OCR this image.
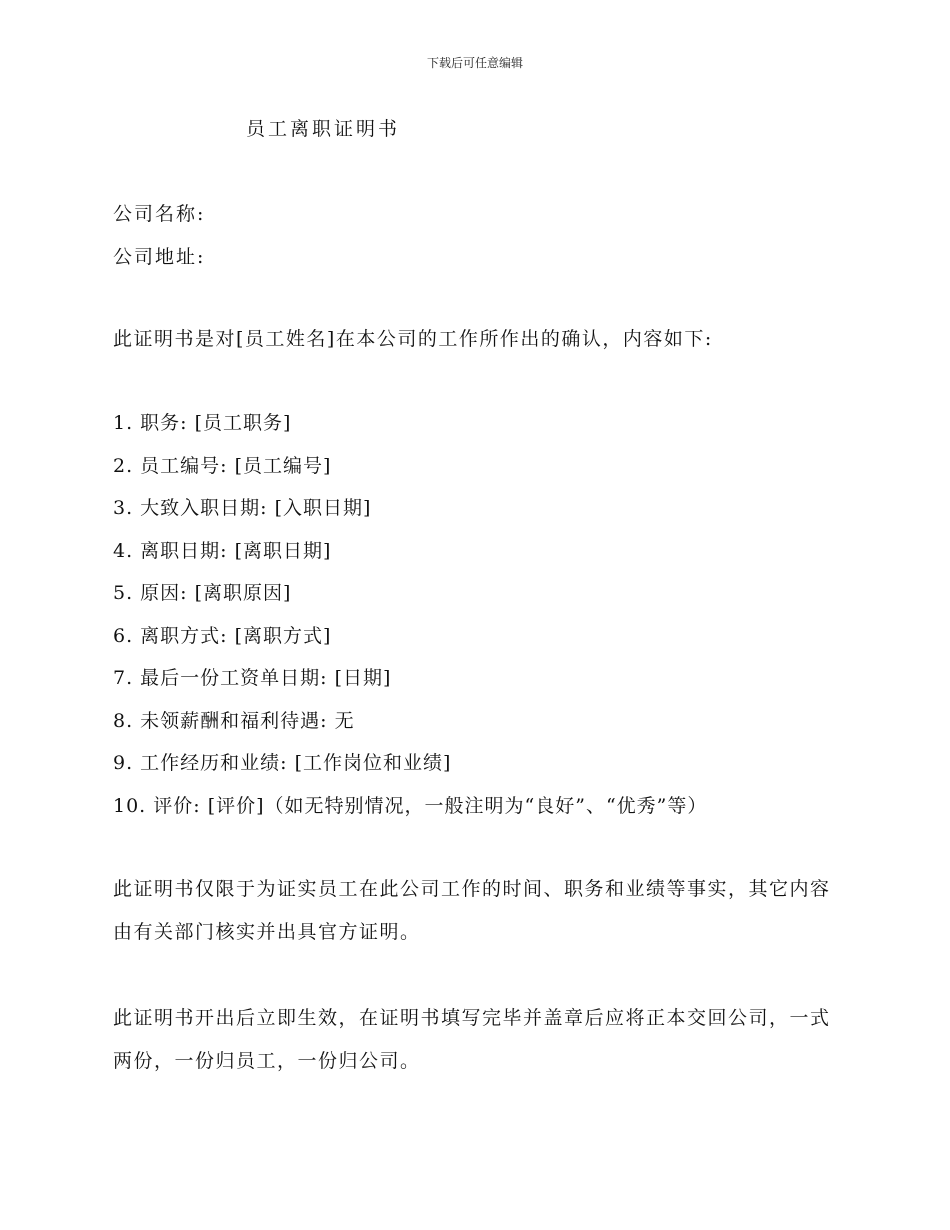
下载后可任意编辑
员工离职证明书
公司名称:
公司地址:
此证明书是对[员工姓名]在本公司的工作所作出的确认，内容如下:
1. 职务: [员工职务]
2. 员工编号: [员工编号]
3. 大致入职日期: [入职日期]
4. 离职日期: [离职日期]
5. 原因: [离职原因]
6. 离职方式: [离职方式]
7. 最后一份工资单日期: [日期]
8. 未领薪酬和福利待遇: 无
9. 工作经历和业绩: [工作岗位和业绩]
10. 评价: [评价]（如无特别情况，一般注明为“良好”、“优秀”等）
此证明书仅限于为证实员工在此公司工作的时间、职务和业绩等事实，其它内容由有关部门核实并出具官方证明。
此证明书开出后立即生效，在证明书填写完毕并盖章后应将正本交回公司，一式两份，一份归员工，一份归公司。
